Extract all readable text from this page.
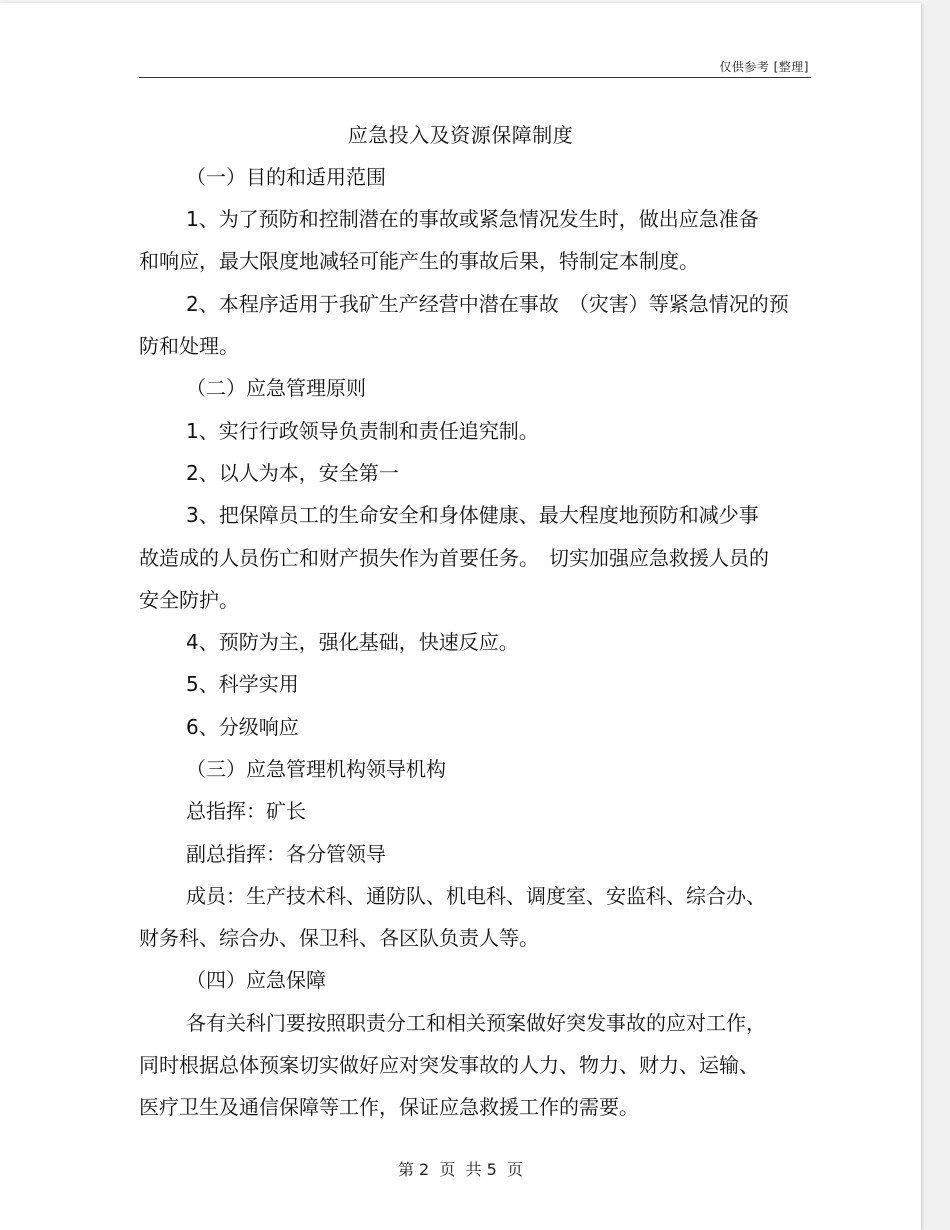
仅供参考 [整理]
应急投入及资源保障制度
（一）目的和适用范围
1、为了预防和控制潜在的事故或紧急情况发生时，做出应急准备
和响应，最大限度地减轻可能产生的事故后果，特制定本制度。
2、本程序适用于我矿生产经营中潜在事故　（灾害）等紧急情况的预
防和处理。
（二）应急管理原则
1、实行行政领导负责制和责任追究制。
2、以人为本，安全第一
3、把保障员工的生命安全和身体健康、最大程度地预防和减少事
故造成的人员伤亡和财产损失作为首要任务。　切实加强应急救援人员的
安全防护。
4、预防为主，强化基础，快速反应。
5、科学实用
6、分级响应
（三）应急管理机构领导机构
总指挥：矿长
副总指挥：各分管领导
成员：生产技术科、通防队、机电科、调度室、安监科、综合办、
财务科、综合办、保卫科、各区队负责人等。
（四）应急保障
各有关科门要按照职责分工和相关预案做好突发事故的应对工作，
同时根据总体预案切实做好应对突发事故的人力、物力、财力、运输、
医疗卫生及通信保障等工作，保证应急救援工作的需要。
第 2  页  共 5  页
